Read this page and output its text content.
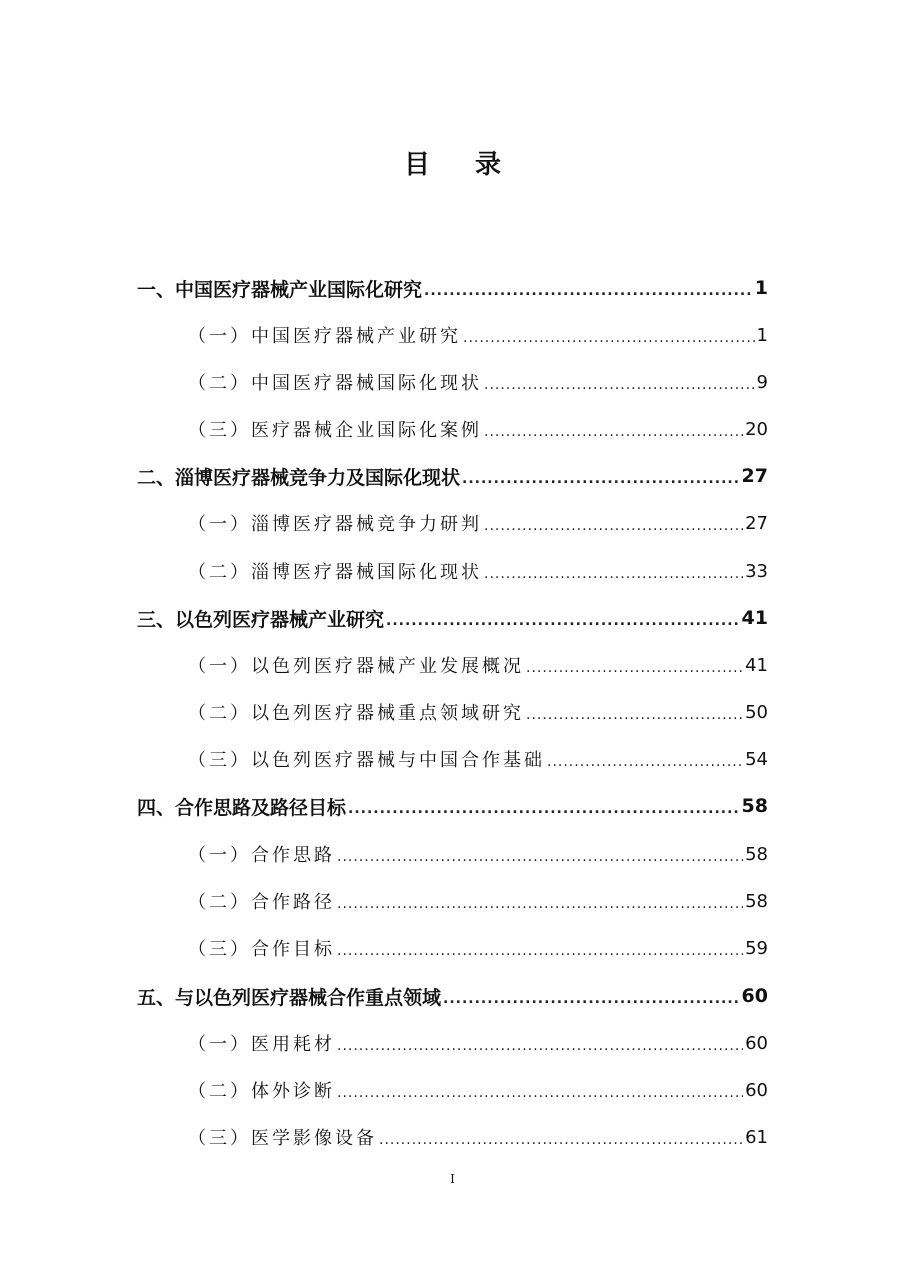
目 录
一、中国医疗器械产业国际化研究 .....	1
（一）中国医疗器械产业研究 .....	1
（二）中国医疗器械国际化现状 .....	9
（三）医疗器械企业国际化案例 .....	20
二、淄博医疗器械竞争力及国际化现状 .....	27
（一）淄博医疗器械竞争力研判 .....	27
（二）淄博医疗器械国际化现状 .....	33
三、以色列医疗器械产业研究 .....	41
（一）以色列医疗器械产业发展概况 .....	41
（二）以色列医疗器械重点领域研究 .....	50
（三）以色列医疗器械与中国合作基础 .....	54
四、合作思路及路径目标 .....	58
（一）合作思路 .....	58
（二）合作路径 .....	58
（三）合作目标 .....	59
五、与以色列医疗器械合作重点领域 .....	60
（一）医用耗材 .....	60
（二）体外诊断 .....	60
（三）医学影像设备 .....	61
I
